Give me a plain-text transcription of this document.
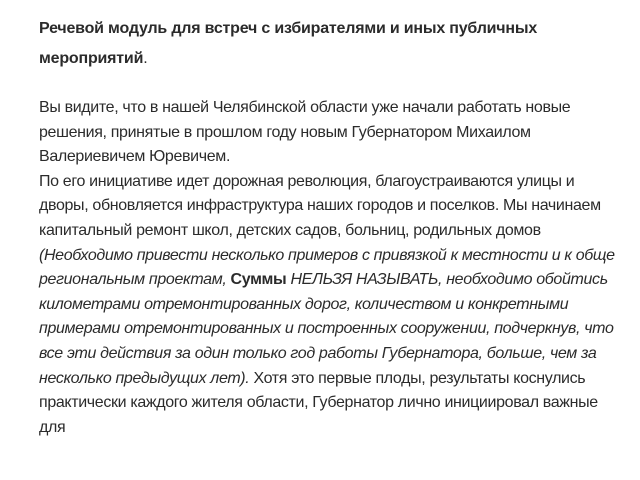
Речевой модуль для встреч с избирателями и иных публичных мероприятий.

Вы видите, что в нашей Челябинской области уже начали работать новые решения, принятые в прошлом году новым Губернатором Михаилом Валериевичем Юревичем.
По его инициативе идет дорожная революция, благоустраиваются улицы и дворы, обновляется инфраструктура наших городов и поселков. Мы начинаем капитальный ремонт школ, детских садов, больниц, родильных домов (Необходимо привести несколько примеров с привязкой к местности и к обще региональным проектам, Суммы НЕЛЬЗЯ НАЗЫВАТЬ, необходимо обойтись километрами отремонтированных дорог, количеством и конкретными примерами отремонтированных и построенных сооружении, подчеркнув, что все эти действия за один только год работы Губернатора, больше, чем за несколько предыдущих лет). Хотя это первые плоды, результаты коснулись практически каждого жителя области, Губернатор лично инициировал важные для
